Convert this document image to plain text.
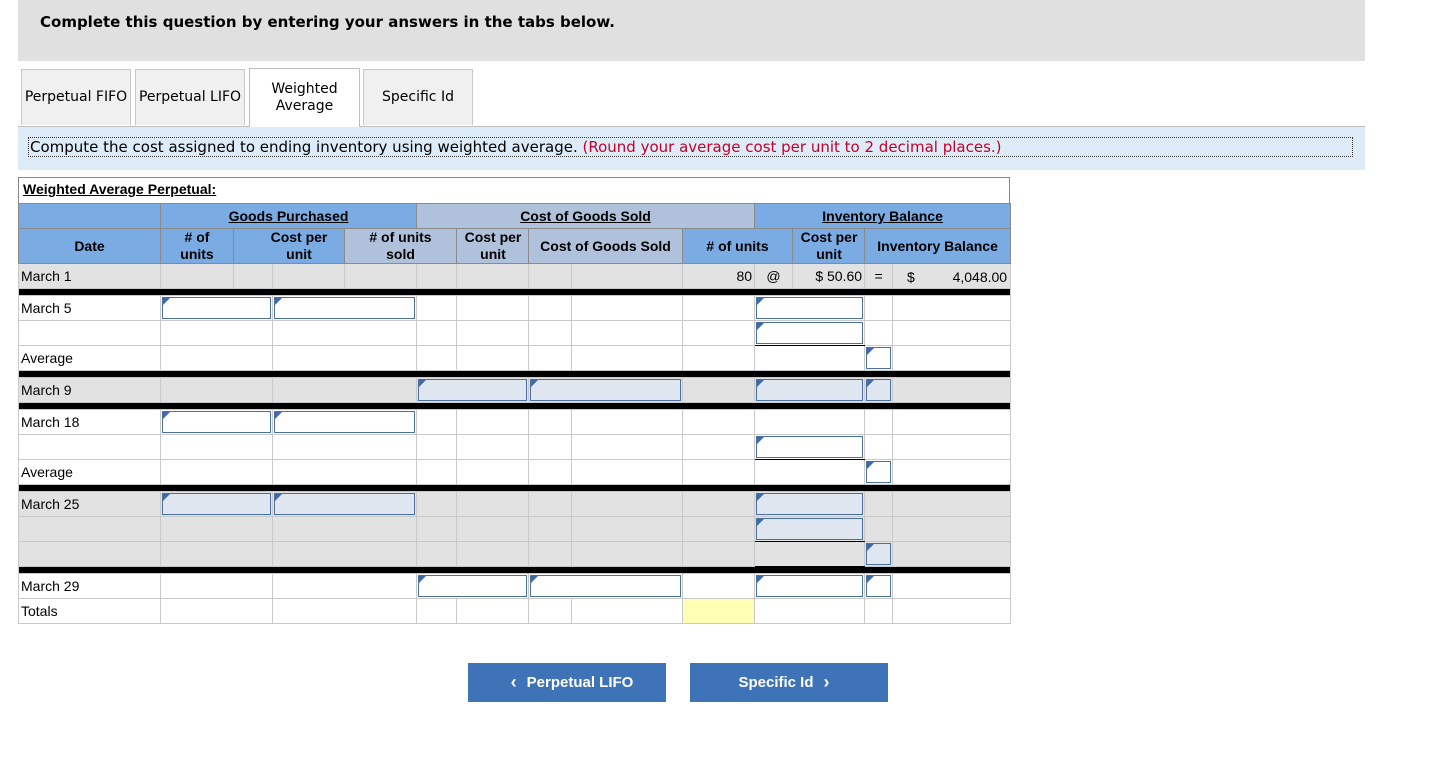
Complete this question by entering your answers in the tabs below.
Perpetual FIFO Perpetual LIFO	Weighted Average
Specific Id
Compute the cost assigned to ending inventory using weighted average. (Round your average cost per unit to 2 decimal places.)
Weighted Average Perpetual:
	Goods Purchased				Cost of Goods Sold					Inventory Balance				
Date	# of units	Cost per unit		# of units sold		Cost per unit	Cost of Goods Sold		# of units		Cost per unit	Inventory Balance		
March 1									80	@	$ 50.60	=	$ 4,048.00	

March 5				

Average												

March 9								

March 18				

Average												

March 25				

March 29								

Totals														
‹ Perpetual LIFO	Specific Id ›
